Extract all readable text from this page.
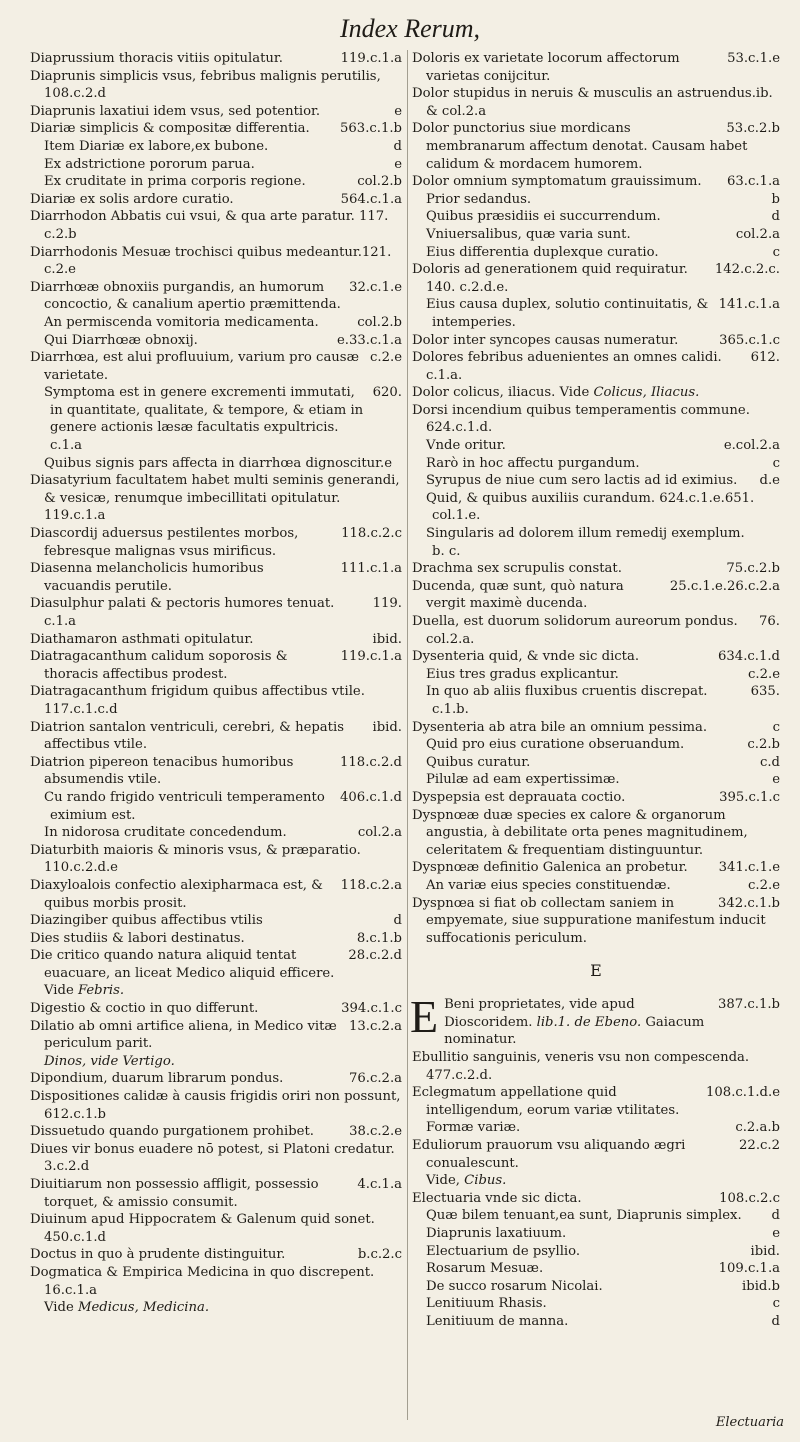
Index Rerum,

119.c.1.a
Diaprussium thoracis vitiis opitulatur.

Diaprunis simplicis vsus, febribus malignis perutilis,
108.c.2.d

e
Diaprunis laxatiui idem vsus, sed potentior.

563.c.1.b
Diariæ simplicis & compositæ differentia.

d
Item Diariæ ex labore,ex bubone.

e
Ex adstrictione pororum parua.

col.2.b
Ex cruditate in prima corporis regione.

564.c.1.a
Diariæ ex solis ardore curatio.

Diarrhodon Abbatis cui vsui, & qua arte paratur. 117.
c.2.b

Diarrhodonis Mesuæ trochisci quibus medeantur.121.
c.2.e

32.c.1.e
Diarrhœæ obnoxiis purgandis, an humorum concoctio, & canalium apertio præmittenda.

col.2.b
An permiscenda vomitoria medicamenta.

e.33.c.1.a
Qui Diarrhœæ obnoxij.

c.2.e
Diarrhœa, est alui profluuium, varium pro causæ varietate.

620.
Symptoma est in genere excrementi immutati, in quantitate, qualitate, & tempore, & etiam in genere actionis læsæ facultatis expultricis.
c.1.a

Quibus signis pars affecta in diarrhœa dignoscitur.e

Diasatyrium facultatem habet multi seminis generandi, & vesicæ, renumque imbecillitati opitulatur.
119.c.1.a

118.c.2.c
Diascordij aduersus pestilentes morbos, febresque malignas vsus mirificus.

111.c.1.a
Diasenna melancholicis humoribus vacuandis perutile.

119.
Diasulphur palati & pectoris humores tenuat.
c.1.a

ibid.
Diathamaron asthmati opitulatur.

119.c.1.a
Diatragacanthum calidum soporosis & thoracis affectibus prodest.

Diatragacanthum frigidum quibus affectibus vtile.
117.c.1.c.d

ibid.
Diatrion santalon ventriculi, cerebri, & hepatis affectibus vtile.

118.c.2.d
Diatrion pipereon tenacibus humoribus absumendis vtile.

406.c.1.d
Cu rando frigido ventriculi temperamento eximium est.

col.2.a
In nidorosa cruditate concedendum.

Diaturbith maioris & minoris vsus, & præparatio.
110.c.2.d.e

118.c.2.a
Diaxyloalois confectio alexipharmaca est, & quibus morbis prosit.

d
Diazingiber quibus affectibus vtilis

8.c.1.b
Dies studiis & labori destinatus.

28.c.2.d
Die critico quando natura aliquid tentat euacuare, an liceat Medico aliquid efficere.

Vide Febris.

394.c.1.c
Digestio & coctio in quo differunt.

13.c.2.a
Dilatio ab omni artifice aliena, in Medico vitæ periculum parit.

Dinos, vide Vertigo.

76.c.2.a
Dipondium, duarum librarum pondus.

Dispositiones calidæ à causis frigidis oriri non possunt,
612.c.1.b

38.c.2.e
Dissuetudo quando purgationem prohibet.

Diues vir bonus euadere nō potest, si Platoni credatur.
3.c.2.d

4.c.1.a
Diuitiarum non possessio affligit, possessio torquet, & amissio consumit.

Diuinum apud Hippocratem & Galenum quid sonet.
450.c.1.d

b.c.2.c
Doctus in quo à prudente distinguitur.

Dogmatica & Empirica Medicina in quo discrepent.
16.c.1.a

Vide Medicus, Medicina.

53.c.1.e
Doloris ex varietate locorum affectorum varietas conijcitur.

Dolor stupidus in neruis & musculis an astruendus.ib. & col.2.a

53.c.2.b
Dolor punctorius siue mordicans membranarum affectum denotat. Causam habet calidum & mordacem humorem.

63.c.1.a
Dolor omnium symptomatum grauissimum.

b
Prior sedandus.

d
Quibus præsidiis ei succurrendum.

col.2.a
Vniuersalibus, quæ varia sunt.

c
Eius differentia duplexque curatio.

142.c.2.c.
Doloris ad generationem quid requiratur.
140. c.2.d.e.

141.c.1.a
Eius causa duplex, solutio continuitatis, & intemperies.

365.c.1.c
Dolor inter syncopes causas numeratur.

612.
Dolores febribus aduenientes an omnes calidi.
c.1.a.

Dolor colicus, iliacus. Vide Colicus, Iliacus.

Dorsi incendium quibus temperamentis commune.
624.c.1.d.

e.col.2.a
Vnde oritur.

c
Rarò in hoc affectu purgandum.

d.e
Syrupus de niue cum sero lactis ad id eximius.

Quid, & quibus auxiliis curandum. 624.c.1.e.651.
col.1.e.

Singularis ad dolorem illum remedij exemplum.
b. c.

75.c.2.b
Drachma sex scrupulis constat.

25.c.1.e.26.c.2.a
Ducenda, quæ sunt, quò natura vergit maximè ducenda.

76.
Duella, est duorum solidorum aureorum pondus.
col.2.a.

634.c.1.d
Dysenteria quid, & vnde sic dicta.

c.2.e
Eius tres gradus explicantur.

635.
In quo ab aliis fluxibus cruentis discrepat.
c.1.b.

c
Dysenteria ab atra bile an omnium pessima.

c.2.b
Quid pro eius curatione obseruandum.

c.d
Quibus curatur.

e
Pilulæ ad eam expertissimæ.

395.c.1.c
Dyspepsia est deprauata coctio.

Dyspnœæ duæ species ex calore & organorum angustia, à debilitate orta penes magnitudinem, celeritatem & frequentiam distinguuntur.

341.c.1.e
Dyspnœæ definitio Galenica an probetur.

c.2.e
An variæ eius species constituendæ.

342.c.1.b
Dyspnœa si fiat ob collectam saniem in empyemate, siue suppuratione manifestum inducit suffocationis periculum.

E

E	387.c.1.b
Beni proprietates, vide apud Dioscoridem. lib.1. de Ebeno. Gaiacum nominatur.

Ebullitio sanguinis, veneris vsu non compescenda.
477.c.2.d.

108.c.1.d.e
Eclegmatum appellatione quid intelligendum, eorum variæ vtilitates.

c.2.a.b
Formæ variæ.

22.c.2
Eduliorum prauorum vsu aliquando ægri conualescunt.

Vide, Cibus.

108.c.2.c
Electuaria vnde sic dicta.

d
Quæ bilem tenuant,ea sunt, Diaprunis simplex.

e
Diaprunis laxatiuum.

ibid.
Electuarium de psyllio.

109.c.1.a
Rosarum Mesuæ.

ibid.b
De succo rosarum Nicolai.

c
Lenitiuum Rhasis.

d
Lenitiuum de manna.

Electuaria
